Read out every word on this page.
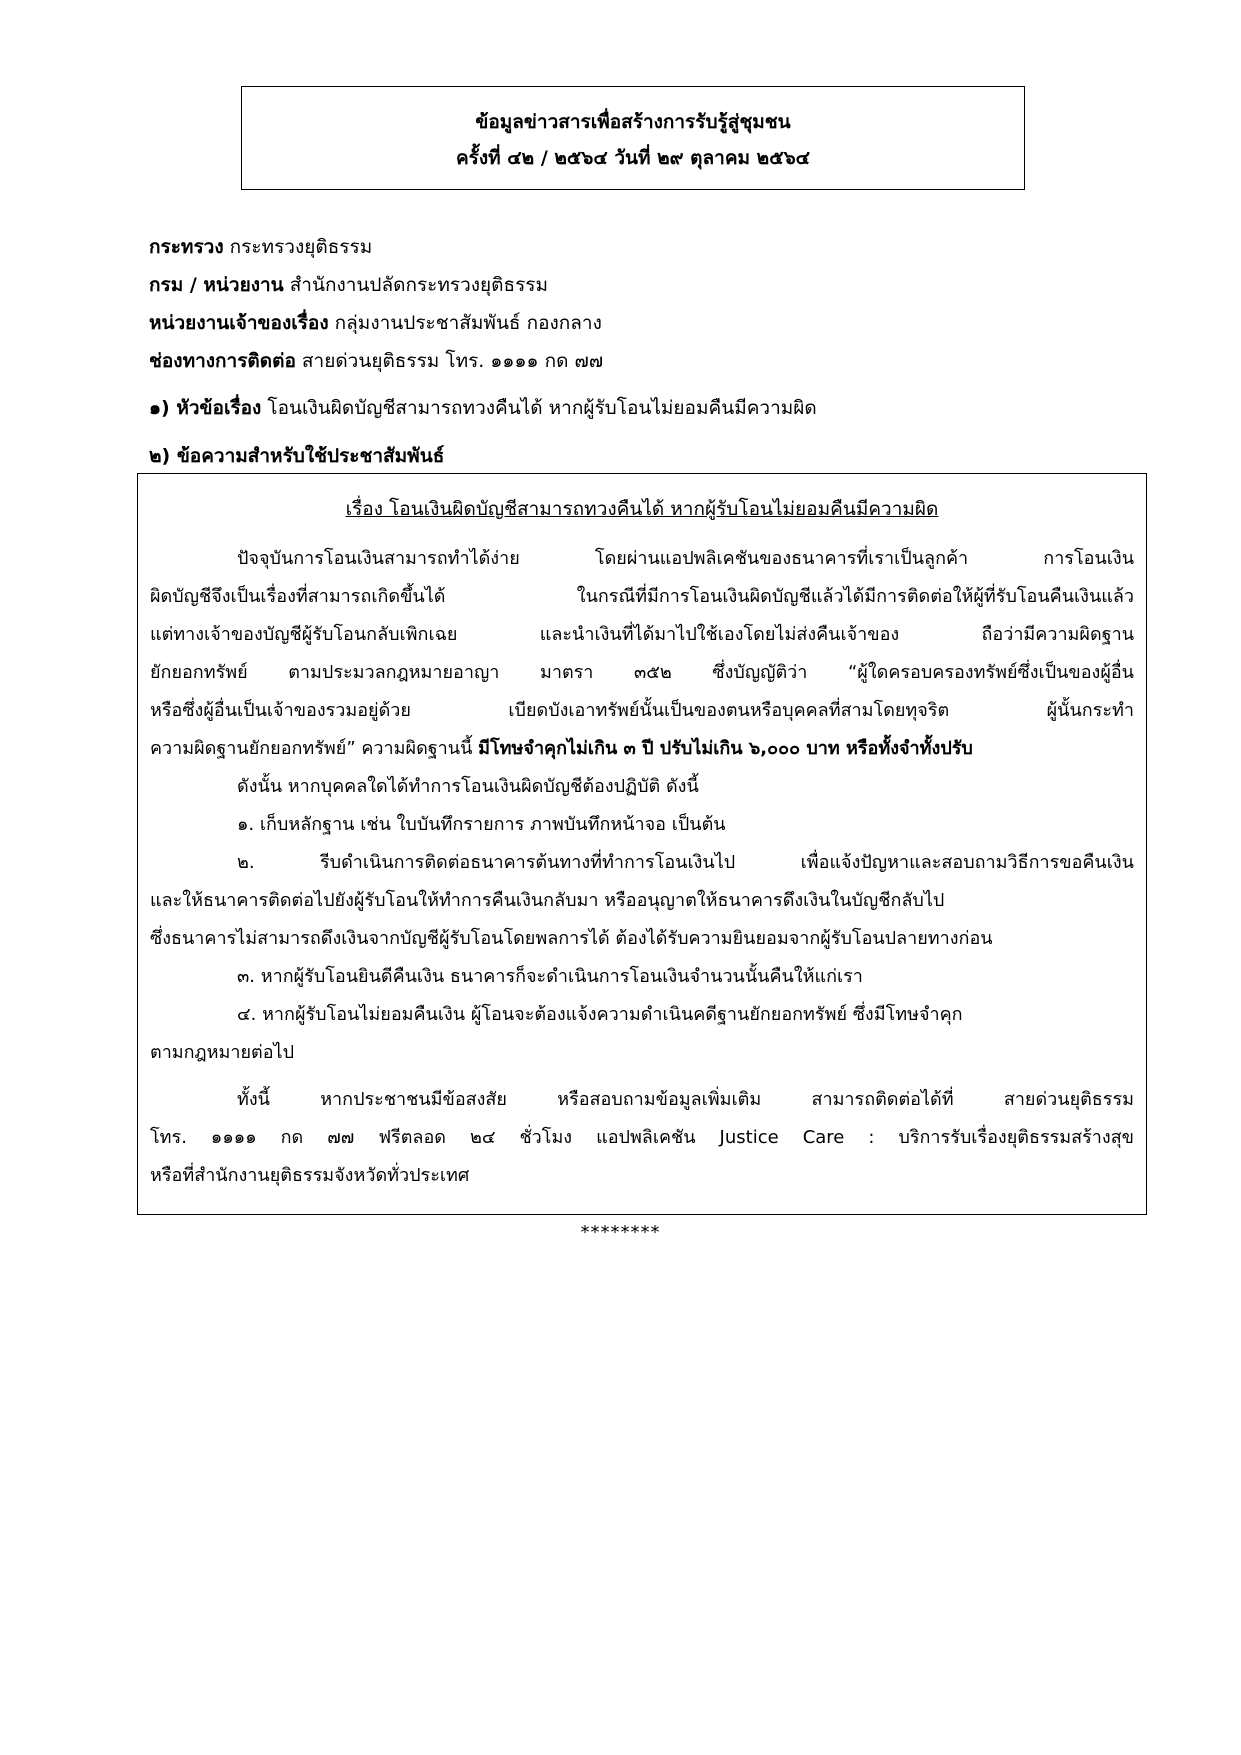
ข้อมูลข่าวสารเพื่อสร้างการรับรู้สู่ชุมชน
ครั้งที่ ๔๒ / ๒๕๖๔ วันที่ ๒๙ ตุลาคม ๒๕๖๔
กระทรวง กระทรวงยุติธรรม
กรม / หน่วยงาน สำนักงานปลัดกระทรวงยุติธรรม
หน่วยงานเจ้าของเรื่อง กลุ่มงานประชาสัมพันธ์ กองกลาง
ช่องทางการติดต่อ สายด่วนยุติธรรม โทร. ๑๑๑๑ กด ๗๗
๑) หัวข้อเรื่อง โอนเงินผิดบัญชีสามารถทวงคืนได้ หากผู้รับโอนไม่ยอมคืนมีความผิด
๒) ข้อความสำหรับใช้ประชาสัมพันธ์
เรื่อง โอนเงินผิดบัญชีสามารถทวงคืนได้ หากผู้รับโอนไม่ยอมคืนมีความผิด
ปัจจุบันการโอนเงินสามารถทำได้ง่าย โดยผ่านแอปพลิเคชันของธนาคารที่เราเป็นลูกค้า การโอนเงิน
ผิดบัญชีจึงเป็นเรื่องที่สามารถเกิดขึ้นได้ ในกรณีที่มีการโอนเงินผิดบัญชีแล้วได้มีการติดต่อให้ผู้ที่รับโอนคืนเงินแล้ว
แต่ทางเจ้าของบัญชีผู้รับโอนกลับเพิกเฉย และนำเงินที่ได้มาไปใช้เองโดยไม่ส่งคืนเจ้าของ ถือว่ามีความผิดฐาน
ยักยอกทรัพย์ ตามประมวลกฎหมายอาญา มาตรา ๓๕๒ ซึ่งบัญญัติว่า “ผู้ใดครอบครองทรัพย์ซึ่งเป็นของผู้อื่น
หรือซึ่งผู้อื่นเป็นเจ้าของรวมอยู่ด้วย เบียดบังเอาทรัพย์นั้นเป็นของตนหรือบุคคลที่สามโดยทุจริต ผู้นั้นกระทำ
ความผิดฐานยักยอกทรัพย์” ความผิดฐานนี้ มีโทษจำคุกไม่เกิน ๓ ปี ปรับไม่เกิน ๖,๐๐๐ บาท หรือทั้งจำทั้งปรับ
ดังนั้น หากบุคคลใดได้ทำการโอนเงินผิดบัญชีต้องปฏิบัติ ดังนี้
๑. เก็บหลักฐาน เช่น ใบบันทึกรายการ ภาพบันทึกหน้าจอ เป็นต้น
๒. รีบดำเนินการติดต่อธนาคารต้นทางที่ทำการโอนเงินไป เพื่อแจ้งปัญหาและสอบถามวิธีการขอคืนเงิน
และให้ธนาคารติดต่อไปยังผู้รับโอนให้ทำการคืนเงินกลับมา หรืออนุญาตให้ธนาคารดึงเงินในบัญชีกลับไป
ซึ่งธนาคารไม่สามารถดึงเงินจากบัญชีผู้รับโอนโดยพลการได้ ต้องได้รับความยินยอมจากผู้รับโอนปลายทางก่อน
๓. หากผู้รับโอนยินดีคืนเงิน ธนาคารก็จะดำเนินการโอนเงินจำนวนนั้นคืนให้แก่เรา
๔. หากผู้รับโอนไม่ยอมคืนเงิน ผู้โอนจะต้องแจ้งความดำเนินคดีฐานยักยอกทรัพย์ ซึ่งมีโทษจำคุก
ตามกฎหมายต่อไป
ทั้งนี้ หากประชาชนมีข้อสงสัย หรือสอบถามข้อมูลเพิ่มเติม สามารถติดต่อได้ที่ สายด่วนยุติธรรม
โทร. ๑๑๑๑ กด ๗๗ ฟรีตลอด ๒๔ ชั่วโมง แอปพลิเคชัน Justice Care : บริการรับเรื่องยุติธรรมสร้างสุข
หรือที่สำนักงานยุติธรรมจังหวัดทั่วประเทศ
********
